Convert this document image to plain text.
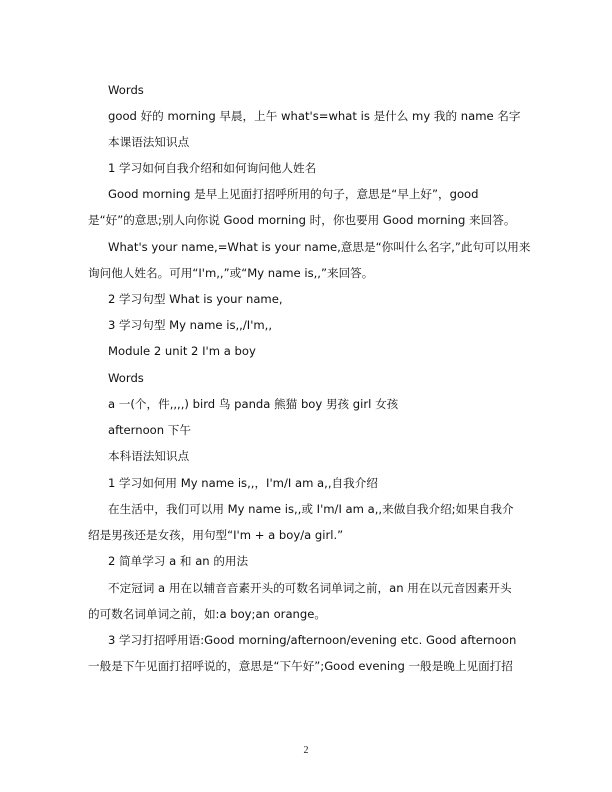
Words
good 好的 morning 早晨，上午 what's=what is 是什么 my 我的 name 名字
本课语法知识点
1 学习如何自我介绍和如何询问他人姓名
Good morning 是早上见面打招呼所用的句子，意思是“早上好”，good
是“好”的意思;别人向你说 Good morning 时，你也要用 Good morning 来回答。
What's your name,=What is your name,意思是“你叫什么名字,”此句可以用来
询问他人姓名。可用“I'm,,”或“My name is,,”来回答。
2 学习句型 What is your name,
3 学习句型 My name is,,/I'm,,
Module 2 unit 2 I'm a boy
Words
a 一(个，件,,,,) bird 鸟 panda 熊猫 boy 男孩 girl 女孩
afternoon 下午
本科语法知识点
1 学习如何用 My name is,,，I'm/I am a,,自我介绍
在生活中，我们可以用 My name is,,或 I'm/I am a,,来做自我介绍;如果自我介
绍是男孩还是女孩，用句型“I'm + a boy/a girl.”
2 简单学习 a 和 an 的用法
不定冠词 a 用在以辅音音素开头的可数名词单词之前，an 用在以元音因素开头
的可数名词单词之前，如:a boy;an orange。
3 学习打招呼用语:Good morning/afternoon/evening etc. Good afternoon
一般是下午见面打招呼说的，意思是“下午好”;Good evening 一般是晚上见面打招
2
